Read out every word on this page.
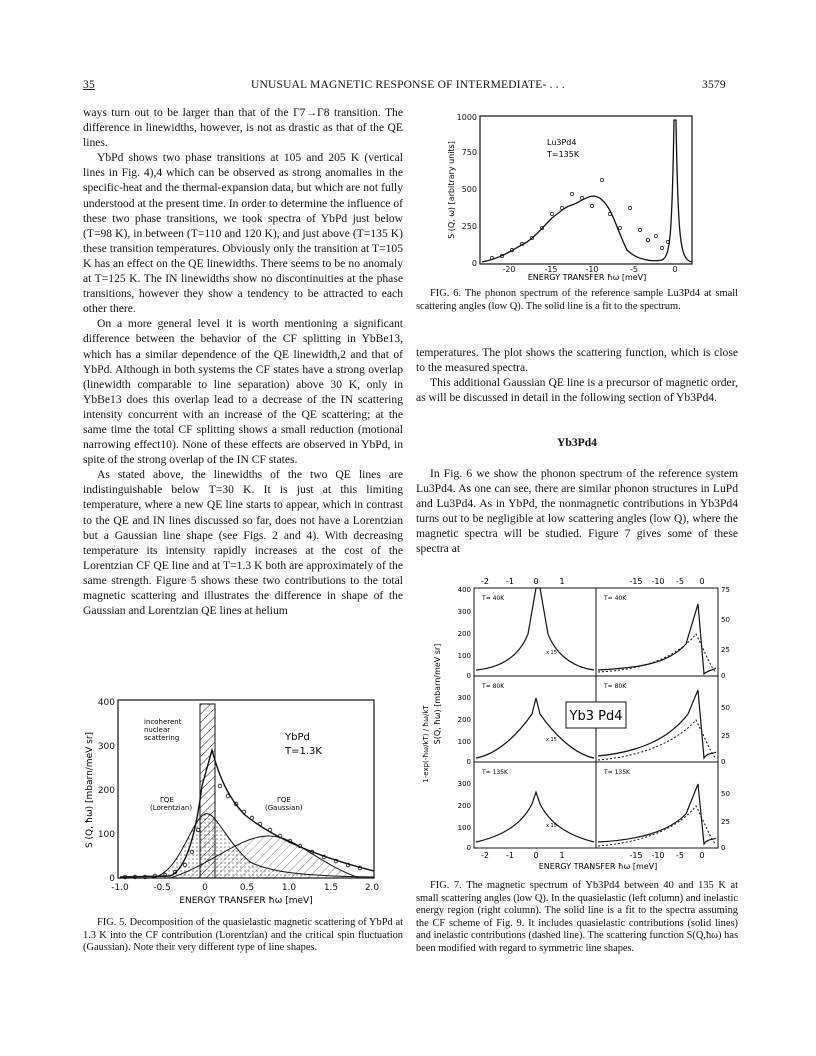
35	UNUSUAL MAGNETIC RESPONSE OF INTERMEDIATE- . . .	3579

ways turn out to be larger than that of the Γ7→Γ8 transition. The difference in linewidths, however, is not as drastic as that of the QE lines.

YbPd shows two phase transitions at 105 and 205 K (vertical lines in Fig. 4),4 which can be observed as strong anomalies in the specific-heat and the thermal-expansion data, but which are not fully understood at the present time. In order to determine the influence of these two phase transitions, we took spectra of YbPd just below (T=98 K), in between (T=110 and 120 K), and just above (T=135 K) these transition temperatures. Obviously only the transition at T=105 K has an effect on the QE linewidths. There seems to be no anomaly at T=125 K. The IN linewidths show no discontinuities at the phase transitions, however they show a tendency to be attracted to each other there.

On a more general level it is worth mentioning a significant difference between the behavior of the CF splitting in YbBe13, which has a similar dependence of the QE linewidth,2 and that of YbPd. Although in both systems the CF states have a strong overlap (linewidth comparable to line separation) above 30 K, only in YbBe13 does this overlap lead to a decrease of the IN scattering intensity concurrent with an increase of the QE scattering; at the same time the total CF splitting shows a small reduction (motional narrowing effect10). None of these effects are observed in YbPd, in spite of the strong overlap of the IN CF states.

As stated above, the linewidths of the two QE lines are indistinguishable below T=30 K. It is just at this limiting temperature, where a new QE line starts to appear, which in contrast to the QE and IN lines discussed so far, does not have a Lorentzian but a Gaussian line shape (see Figs. 2 and 4). With decreasing temperature its intensity rapidly increases at the cost of the Lorentzian CF QE line and at T=1.3 K both are approximately of the same strength. Figure 5 shows these two contributions to the total magnetic scattering and illustrates the difference in shape of the Gaussian and Lorentzian QE lines at helium

0
100
200
300
400
-1.0	-0.5	0	0.5	1.0	1.5	2.0
ENERGY TRANSFER ħω [meV]
S (Q, ħω) [mbarn/meV sr]	YbPd
T=1.3K
incoherent
nuclear
scattering
ΓQE
(Lorentzian)
ΓQE
(Gaussian)
FIG. 5. Decomposition of the quasielastic magnetic scattering of YbPd at 1.3 K into the CF contribution (Lorentzian) and the critical spin fluctuation (Gaussian). Note their very different type of line shapes.
0
250
500
750
1000
-20	-15	-10	-5	0
ENERGY TRANSFER ħω [meV]
S (Q, ω) [arbitrary units]	Lu3Pd4
T=135K
FIG. 6. The phonon spectrum of the reference sample Lu3Pd4 at small scattering angles (low Q). The solid line is a fit to the spectrum.

temperatures. The plot shows the scattering function, which is close to the measured spectra.

This additional Gaussian QE line is a precursor of magnetic order, as will be discussed in detail in the following section of Yb3Pd4.

Yb3Pd4

In Fig. 6 we show the phonon spectrum of the reference system Lu3Pd4. As one can see, there are similar phonon structures in LuPd and Lu3Pd4. As in YbPd, the nonmagnetic contributions in Yb3Pd4 turns out to be negligible at low scattering angles (low Q), where the magnetic spectra will be studied. Figure 7 gives some of these spectra at

Yb3 Pd4
T= 40K	T= 40K
T= 80K	T= 80K
T= 135K	T= 135K
x 15
x 15
x 15
-2 -1 0	1	-15 -10 -5 0
-2 -1 0	1	-15 -10 -5 0
ENERGY TRANSFER ħω [meV]
400
300
200
100
0
300
200
100
0
300
200
100
0
75
50
25
0
50
25
0
50
25
0
S(Q, ħω) [mbarn/meV sr]
1-exp(-ħω/kT) / ħω/kT
FIG. 7. The magnetic spectrum of Yb3Pd4 between 40 and 135 K at small scattering angles (low Q). In the quasielastic (left column) and inelastic energy region (right column). The solid line is a fit to the spectra assuming the CF scheme of Fig. 9. It includes quasielastic contributions (solid lines) and inelastic contributions (dashed line). The scattering function S(Q,ħω) has been modified with regard to symmetric line shapes.
